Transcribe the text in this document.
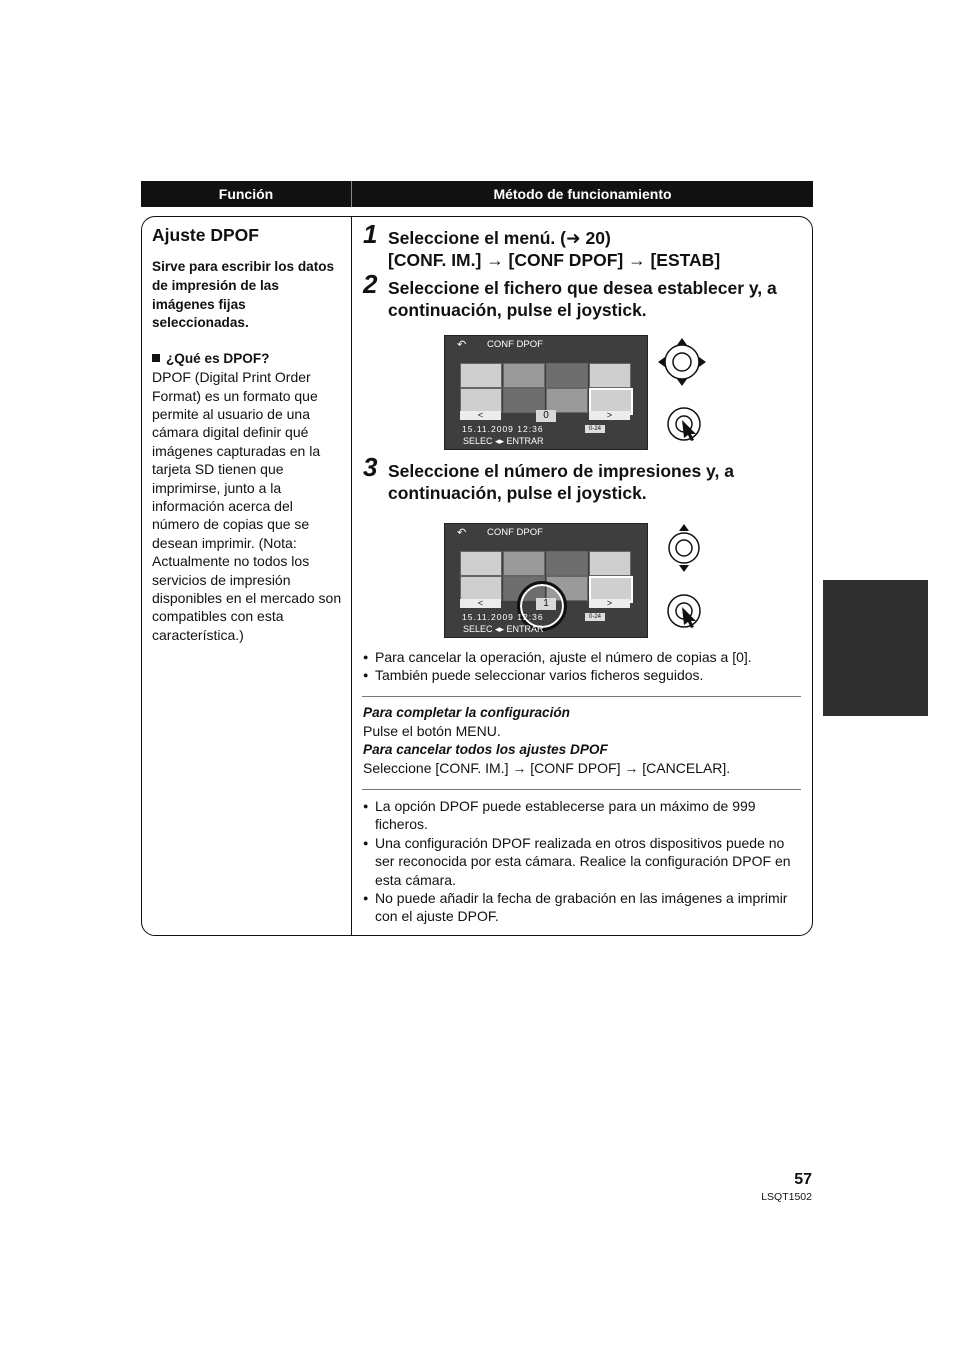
Función	Método de funcionamiento
Ajuste DPOF
Sirve para escribir los datos de impresión de las imágenes fijas seleccionadas.
¿Qué es DPOF?
DPOF (Digital Print Order Format) es un formato que permite al usuario de una cámara digital definir qué imágenes capturadas en la tarjeta SD tienen que imprimirse, junto a la información acerca del número de copias que se desean imprimir. (Nota: Actualmente no todos los servicios de impresión disponibles en el mercado son compatibles con esta característica.)
1 Seleccione el menú. (➜ 20)
[CONF. IM.] → [CONF DPOF] → [ESTAB]
2 Seleccione el fichero que desea establecer y, a continuación, pulse el joystick.
↶ CONF DPOF
<	>
0
15.11.2009 12:36	0-24
SELEC ◂▸ ENTRAR
3 Seleccione el número de impresiones y, a continuación, pulse el joystick.
↶ CONF DPOF
<	>
1
15.11.2009 12:36	0-24
SELEC ◂▸ ENTRAR
● Para cancelar la operación, ajuste el número de copias a [0].
● También puede seleccionar varios ficheros seguidos.
Para completar la configuración
Pulse el botón MENU.
Para cancelar todos los ajustes DPOF
Seleccione [CONF. IM.] → [CONF DPOF] → [CANCELAR].
● La opción DPOF puede establecerse para un máximo de 999 ficheros.
● Una configuración DPOF realizada en otros dispositivos puede no ser reconocida por esta cámara. Realice la configuración DPOF en esta cámara.
● No puede añadir la fecha de grabación en las imágenes a imprimir con el ajuste DPOF.
57
LSQT1502
